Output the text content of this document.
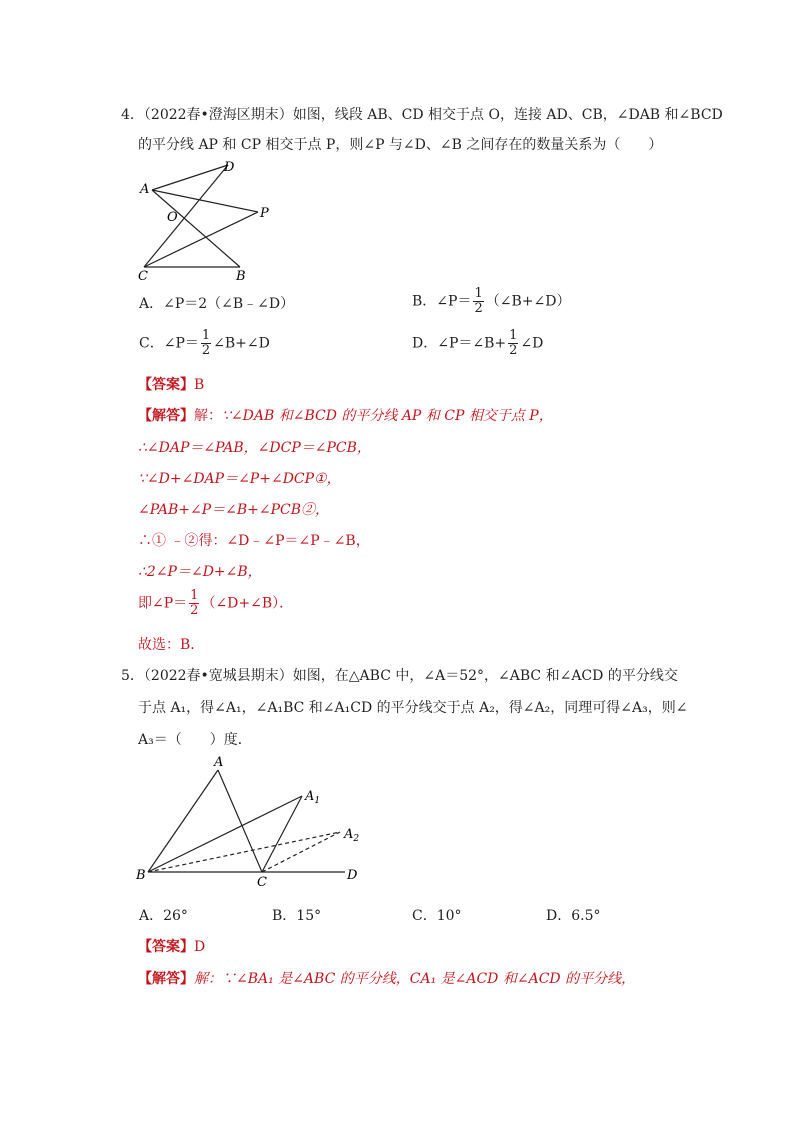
4．（2022春•澄海区期末）如图，线段 AB、CD 相交于点 O，连接 AD、CB，∠DAB 和∠BCD
的平分线 AP 和 CP 相交于点 P，则∠P 与∠D、∠B 之间存在的数量关系为（　　）
A
D
O	P
C	B
A．∠P＝2（∠B﹣∠D）	B．∠P＝ $\frac{1}{2}$ （∠B+∠D）
C．∠P＝ $\frac{1}{2}$ ∠B+∠D	D．∠P＝∠B+ $\frac{1}{2}$ ∠D
【答案】B
【解答】解：∵∠DAB 和∠BCD 的平分线 AP 和 CP 相交于点 P，
∴∠DAP＝∠PAB，∠DCP＝∠PCB，
∵∠D+∠DAP＝∠P+∠DCP①，
∠PAB+∠P＝∠B+∠PCB②，
∴① ﹣②得：∠D﹣∠P＝∠P﹣∠B，
∴2∠P＝∠D+∠B，
即∠P＝ $\frac{1}{2}$ （∠D+∠B）．
故选：B．
5．（2022春•宽城县期末）如图，在△ABC 中，∠A＝52°，∠ABC 和∠ACD 的平分线交
于点 A₁，得∠A₁，∠A₁BC 和∠A₁CD 的平分线交于点 A₂，得∠A₂，同理可得∠A₃，则∠
A₃＝（　　）度．
A
$A_1$
$A_2$
B	C	D
A．26°	B．15°	C．10°	D．6.5°
【答案】D
【解答】解：∵∠BA₁ 是∠ABC 的平分线，CA₁ 是∠ACD 和∠ACD 的平分线，
